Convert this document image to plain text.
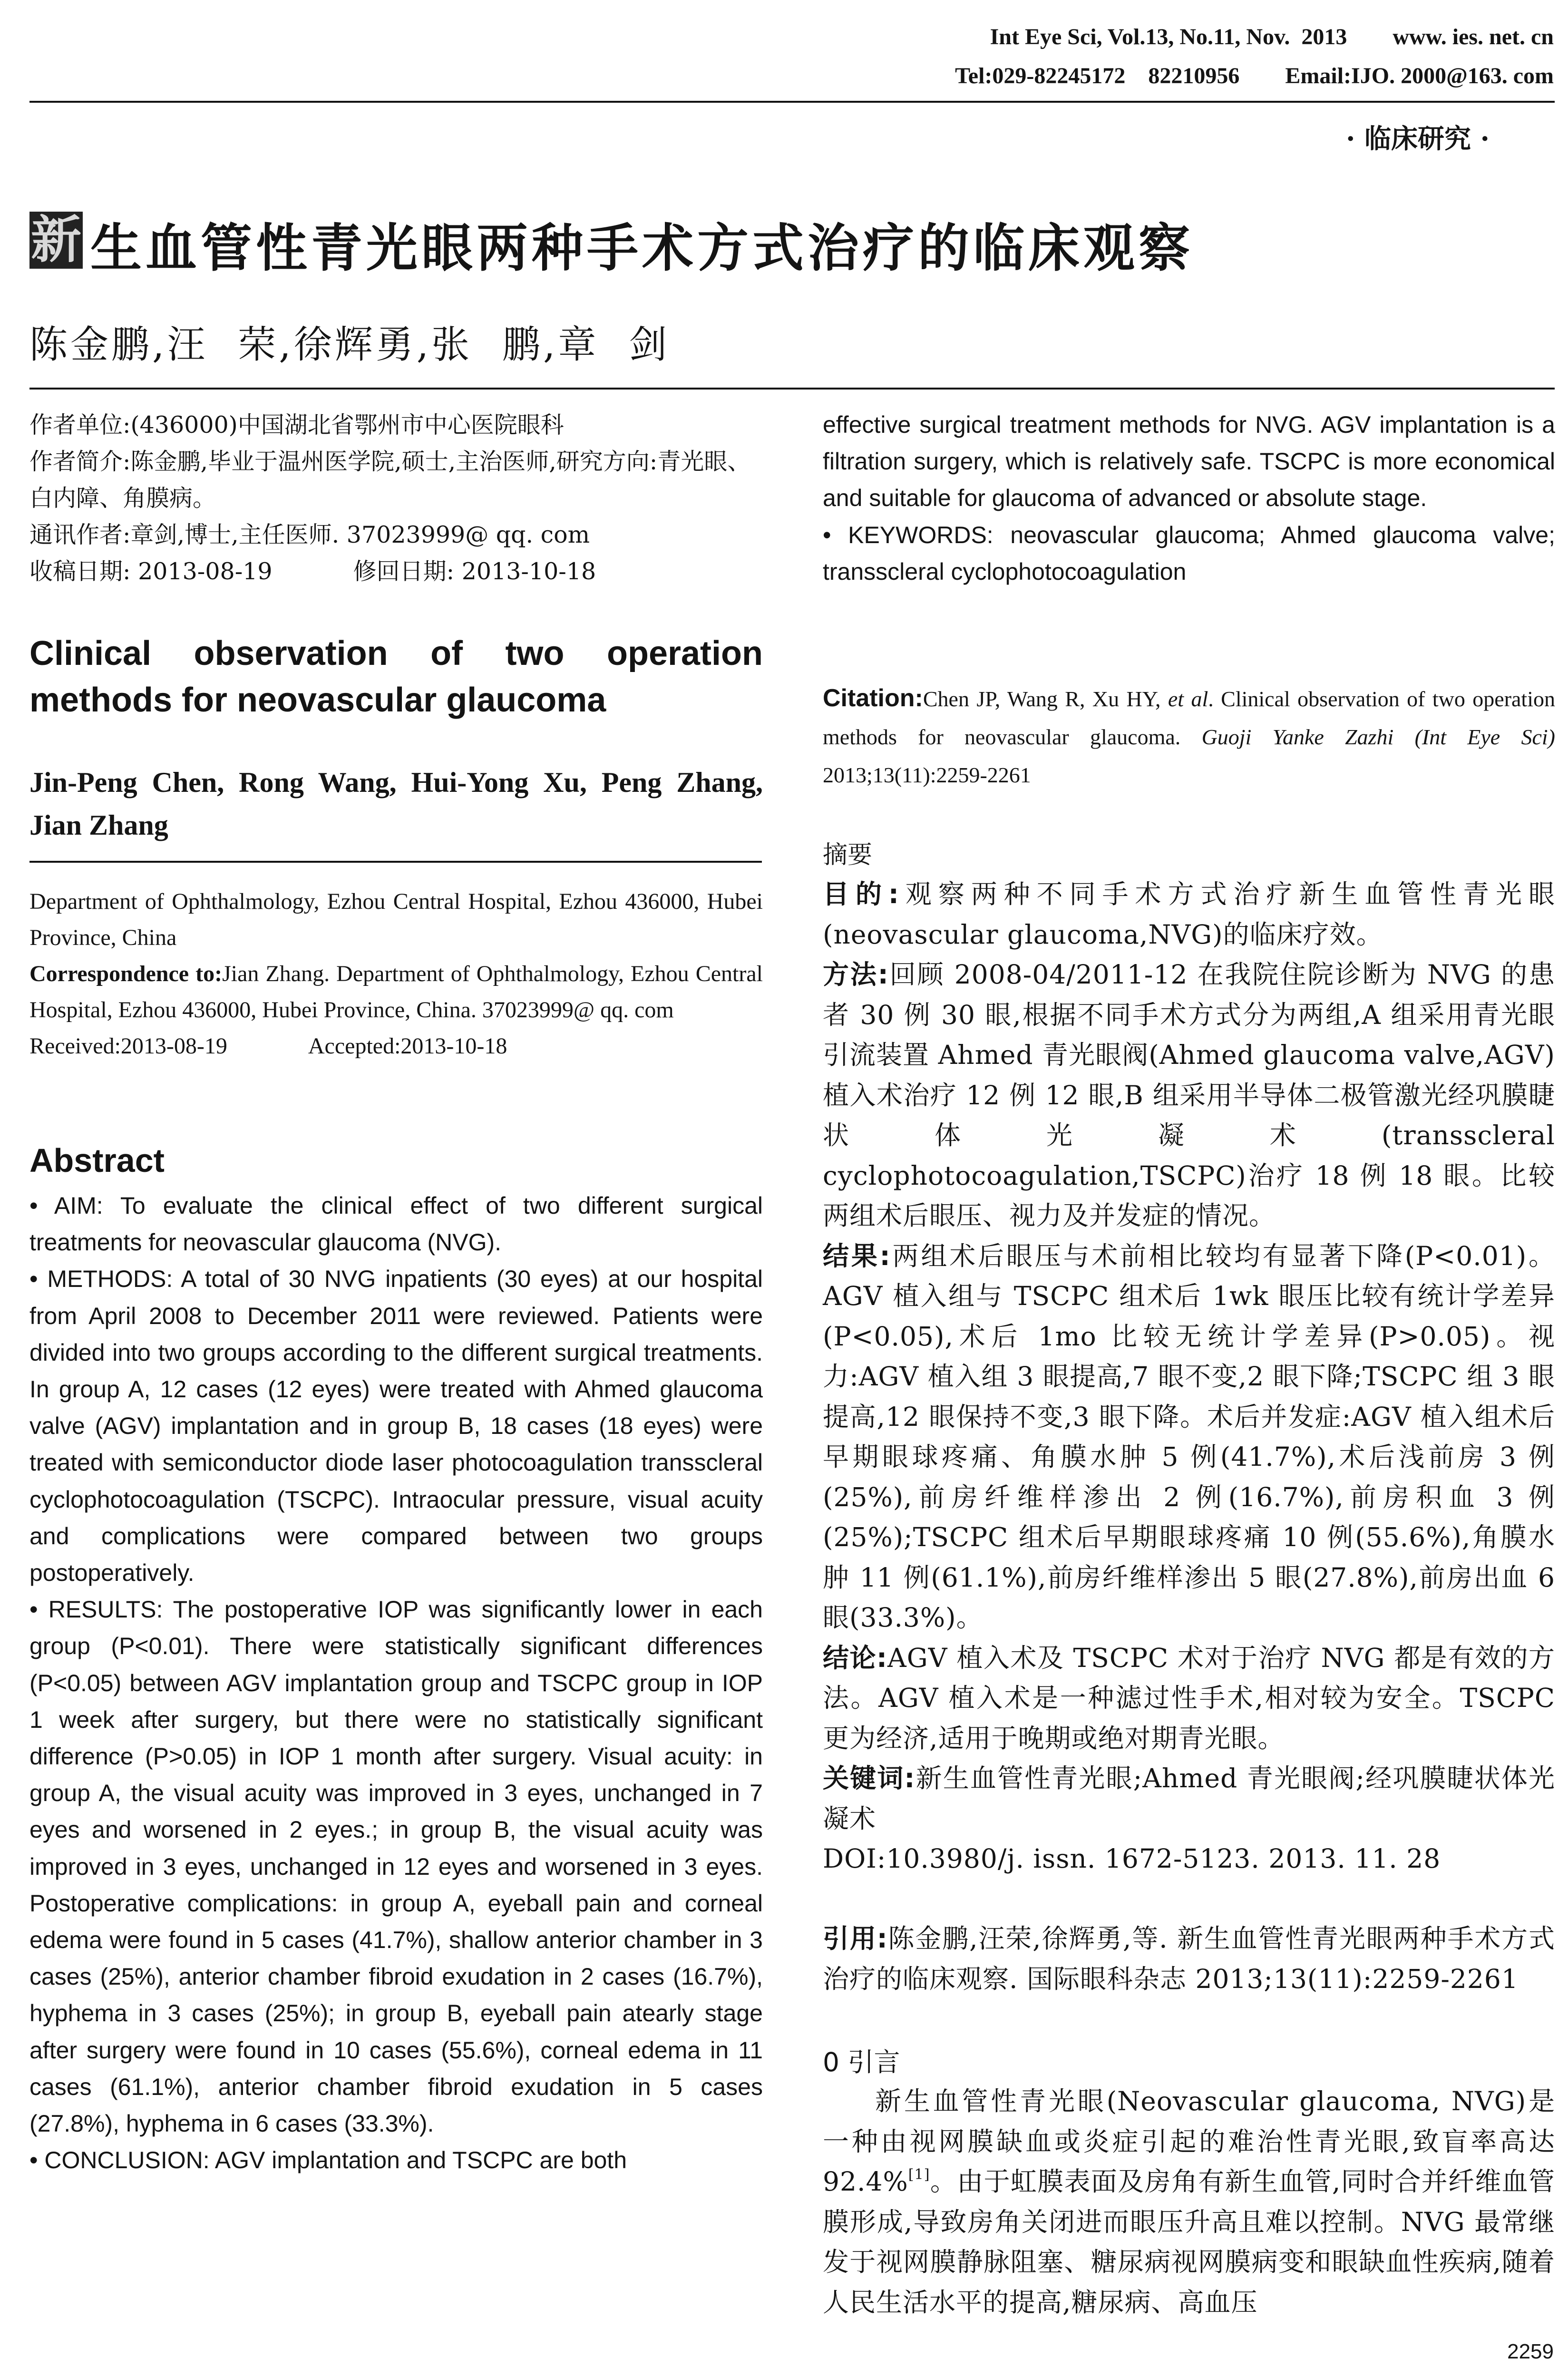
Int Eye Sci, Vol.13, No.11, Nov.  2013        www. ies. net. cn
Tel:029-82245172    82210956        Email:IJO. 2000@163. com
· 临床研究 ·
新 生血管性青光眼两种手术方式治疗的临床观察
陈金鹏,汪  荣,徐辉勇,张  鹏,章  剑

作者单位:(436000)中国湖北省鄂州市中心医院眼科

作者简介:陈金鹏,毕业于温州医学院,硕士,主治医师,研究方向:青光眼、白内障、角膜病。

通讯作者:章剑,博士,主任医师. 37023999@ qq. com

收稿日期: 2013-08-19	修回日期: 2013-10-18

Clinical observation of two operation methods for neovascular glaucoma
Jin-Peng Chen, Rong Wang, Hui-Yong Xu, Peng Zhang, Jian Zhang

Department of Ophthalmology, Ezhou Central Hospital, Ezhou 436000, Hubei Province, China

Correspondence to:Jian Zhang. Department of Ophthalmology, Ezhou Central Hospital, Ezhou 436000, Hubei Province, China. 37023999@ qq. com

Received:2013-08-19	Accepted:2013-10-18

Abstract

• AIM: To evaluate the clinical effect of two different surgical treatments for neovascular glaucoma (NVG).

• METHODS: A total of 30 NVG inpatients (30 eyes) at our hospital from April 2008 to December 2011 were reviewed. Patients were divided into two groups according to the different surgical treatments. In group A, 12 cases (12 eyes) were treated with Ahmed glaucoma valve (AGV) implantation and in group B, 18 cases (18 eyes) were treated with semiconductor diode laser photocoagulation transscleral cyclophotocoagulation (TSCPC). Intraocular pressure, visual acuity and complications were compared between two groups postoperatively.

• RESULTS: The postoperative IOP was significantly lower in each group (P<0.01). There were statistically significant differences (P<0.05) between AGV implantation group and TSCPC group in IOP 1 week after surgery, but there were no statistically significant difference (P>0.05) in IOP 1 month after surgery. Visual acuity: in group A, the visual acuity was improved in 3 eyes, unchanged in 7 eyes and worsened in 2 eyes.; in group B, the visual acuity was improved in 3 eyes, unchanged in 12 eyes and worsened in 3 eyes. Postoperative complications: in group A, eyeball pain and corneal edema were found in 5 cases (41.7%), shallow anterior chamber in 3 cases (25%), anterior chamber fibroid exudation in 2 cases (16.7%), hyphema in 3 cases (25%); in group B, eyeball pain atearly stage after surgery were found in 10 cases (55.6%), corneal edema in 11 cases (61.1%), anterior chamber fibroid exudation in 5 cases (27.8%), hyphema in 6 cases (33.3%).

• CONCLUSION: AGV implantation and TSCPC are both

effective surgical treatment methods for NVG. AGV implantation is a filtration surgery, which is relatively safe. TSCPC is more economical and suitable for glaucoma of advanced or absolute stage.

• KEYWORDS: neovascular glaucoma; Ahmed glaucoma valve; transscleral cyclophotocoagulation

Citation:Chen JP, Wang R, Xu HY, et al. Clinical observation of two operation methods for neovascular glaucoma. Guoji Yanke Zazhi (Int Eye Sci) 2013;13(11):2259-2261
摘要

目的:观察两种不同手术方式治疗新生血管性青光眼(neovascular glaucoma,NVG)的临床疗效。

方法:回顾 2008-04/2011-12 在我院住院诊断为 NVG 的患者 30 例 30 眼,根据不同手术方式分为两组,A 组采用青光眼引流装置 Ahmed 青光眼阀(Ahmed glaucoma valve,AGV)植入术治疗 12 例 12 眼,B 组采用半导体二极管激光经巩膜睫状体光凝术(transscleral cyclophotocoagulation,TSCPC)治疗 18 例 18 眼。比较两组术后眼压、视力及并发症的情况。

结果:两组术后眼压与术前相比较均有显著下降(P<0.01)。AGV 植入组与 TSCPC 组术后 1wk 眼压比较有统计学差异(P<0.05),术后 1mo 比较无统计学差异(P>0.05)。视力:AGV 植入组 3 眼提高,7 眼不变,2 眼下降;TSCPC 组 3 眼提高,12 眼保持不变,3 眼下降。术后并发症:AGV 植入组术后早期眼球疼痛、角膜水肿 5 例(41.7%),术后浅前房 3 例(25%),前房纤维样渗出 2 例(16.7%),前房积血 3 例(25%);TSCPC 组术后早期眼球疼痛 10 例(55.6%),角膜水肿 11 例(61.1%),前房纤维样渗出 5 眼(27.8%),前房出血 6 眼(33.3%)。

结论:AGV 植入术及 TSCPC 术对于治疗 NVG 都是有效的方法。AGV 植入术是一种滤过性手术,相对较为安全。TSCPC 更为经济,适用于晚期或绝对期青光眼。

关键词:新生血管性青光眼;Ahmed 青光眼阀;经巩膜睫状体光凝术

DOI:10.3980/j. issn. 1672-5123. 2013. 11. 28

引用:陈金鹏,汪荣,徐辉勇,等. 新生血管性青光眼两种手术方式治疗的临床观察. 国际眼科杂志 2013;13(11):2259-2261
0 引言

新生血管性青光眼(Neovascular glaucoma, NVG)是一种由视网膜缺血或炎症引起的难治性青光眼,致盲率高达 92.4%[1]。由于虹膜表面及房角有新生血管,同时合并纤维血管膜形成,导致房角关闭进而眼压升高且难以控制。NVG 最常继发于视网膜静脉阻塞、糖尿病视网膜病变和眼缺血性疾病,随着人民生活水平的提高,糖尿病、高血压

2259
